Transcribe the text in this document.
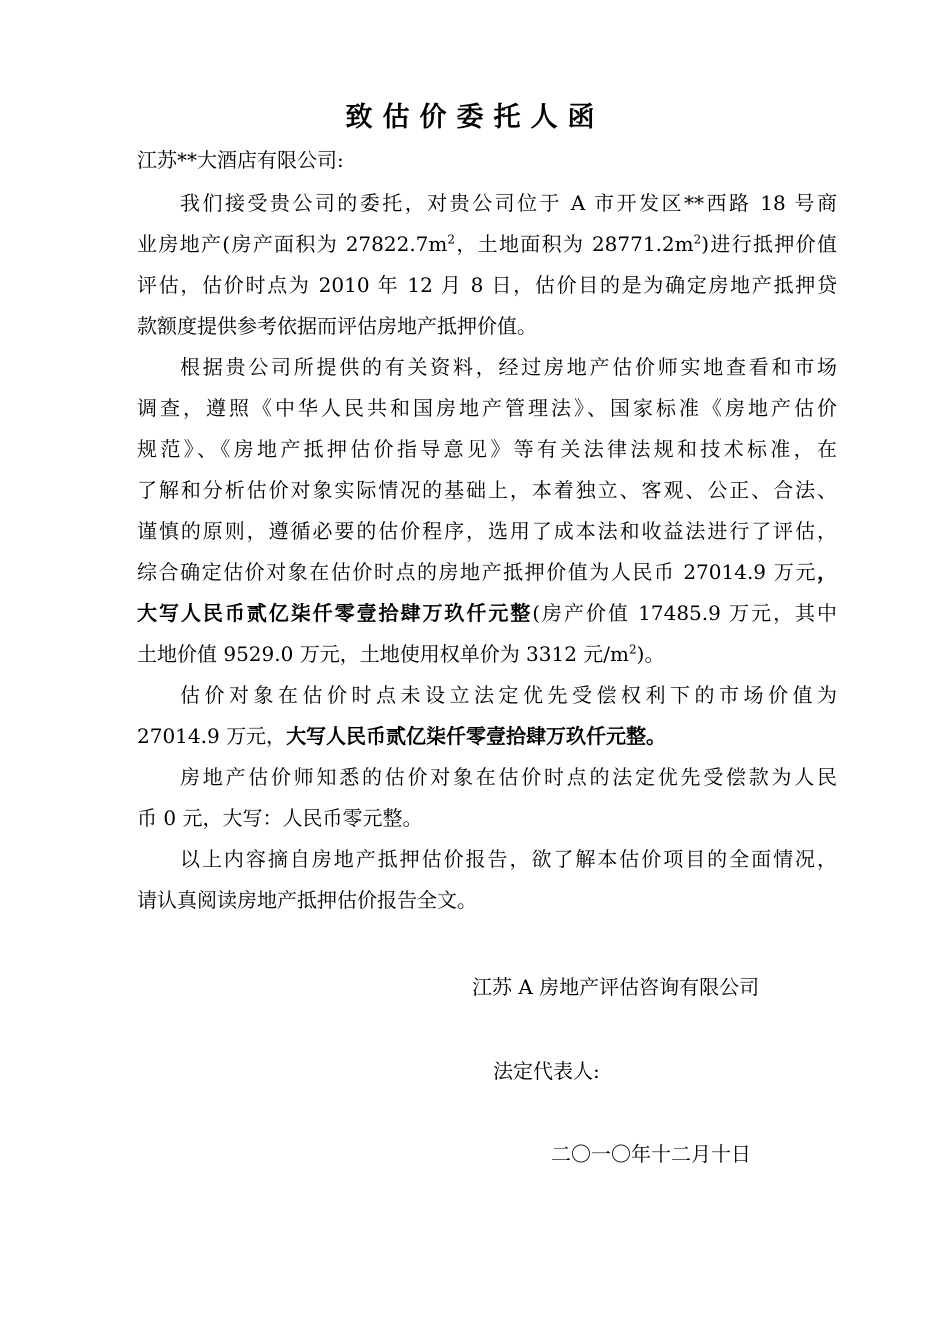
致估价委托人函
江苏**大酒店有限公司:
我们接受贵公司的委托，对贵公司位于 A 市开发区**西路 18 号商
业房地产(房产面积为 $27822.7m^2$，土地面积为 $28771.2m^2$)进行抵押价值
评估，估价时点为 2010 年 12 月 8 日，估价目的是为确定房地产抵押贷
款额度提供参考依据而评估房地产抵押价值。
根据贵公司所提供的有关资料，经过房地产估价师实地查看和市场
调查，遵照《中华人民共和国房地产管理法》、国家标准《房地产估价
规范》、《房地产抵押估价指导意见》等有关法律法规和技术标准，在
了解和分析估价对象实际情况的基础上，本着独立、客观、公正、合法、
谨慎的原则，遵循必要的估价程序，选用了成本法和收益法进行了评估，
综合确定估价对象在估价时点的房地产抵押价值为人民币 27014.9 万元，
大写人民币贰亿柒仟零壹拾肆万玖仟元整(房产价值 17485.9 万元，其中
土地价值 9529.0 万元，土地使用权单价为 3312 元$/m^2$)。
估价对象在估价时点未设立法定优先受偿权利下的市场价值为
27014.9 万元，大写人民币贰亿柒仟零壹拾肆万玖仟元整。
房地产估价师知悉的估价对象在估价时点的法定优先受偿款为人民
币 0 元，大写：人民币零元整。
以上内容摘自房地产抵押估价报告，欲了解本估价项目的全面情况，
请认真阅读房地产抵押估价报告全文。
江苏 A 房地产评估咨询有限公司
法定代表人:
二〇一〇年十二月十日
